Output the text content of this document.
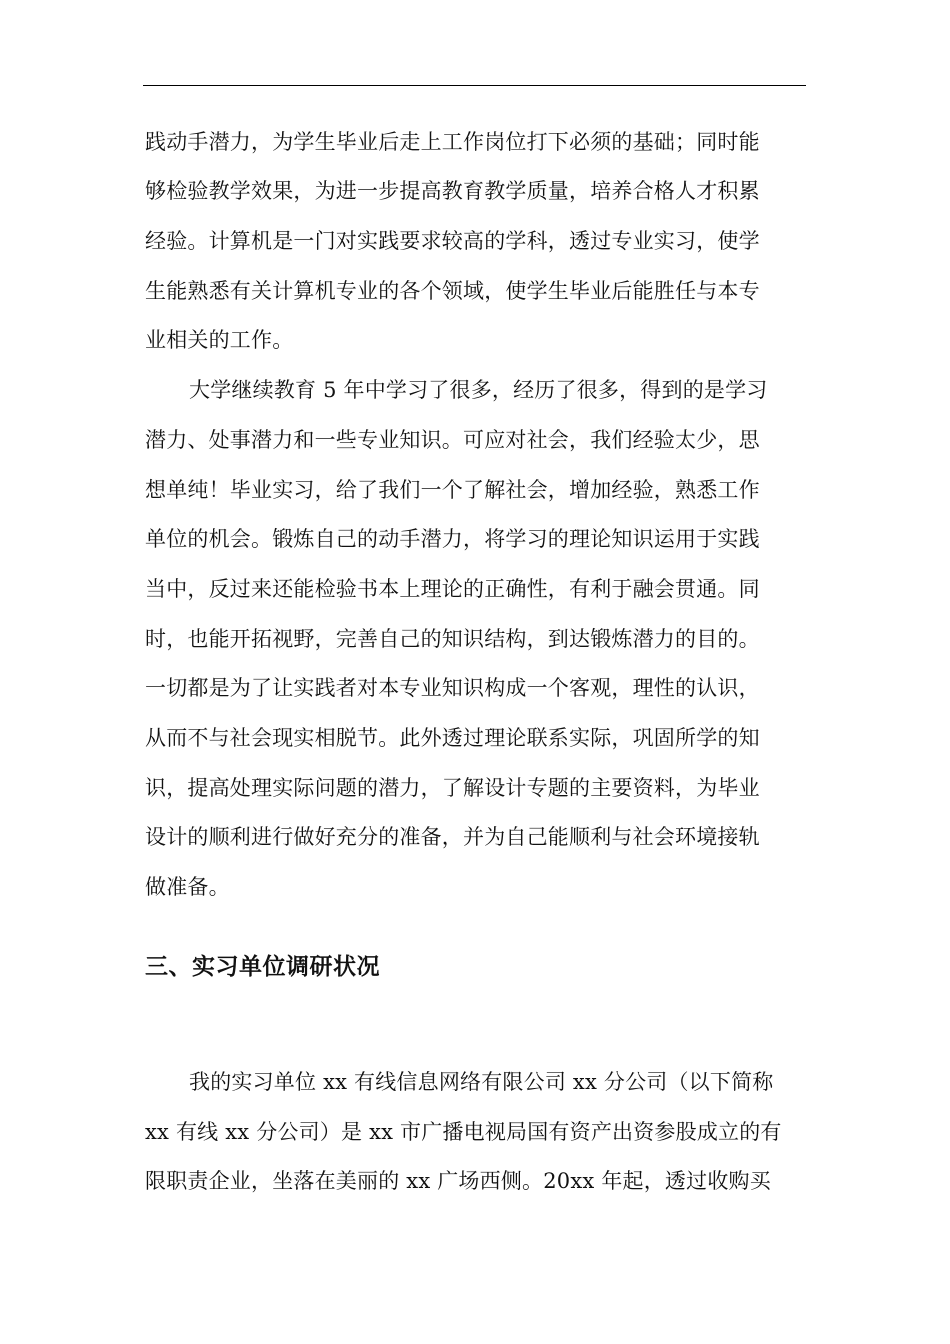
践动手潜力，为学生毕业后走上工作岗位打下必须的基础；同时能
够检验教学效果，为进一步提高教育教学质量，培养合格人才积累
经验。计算机是一门对实践要求较高的学科，透过专业实习，使学
生能熟悉有关计算机专业的各个领域，使学生毕业后能胜任与本专
业相关的工作。
大学继续教育 5 年中学习了很多，经历了很多，得到的是学习
潜力、处事潜力和一些专业知识。可应对社会，我们经验太少，思
想单纯！毕业实习，给了我们一个了解社会，增加经验，熟悉工作
单位的机会。锻炼自己的动手潜力，将学习的理论知识运用于实践
当中，反过来还能检验书本上理论的正确性，有利于融会贯通。同
时，也能开拓视野，完善自己的知识结构，到达锻炼潜力的目的。
一切都是为了让实践者对本专业知识构成一个客观，理性的认识，
从而不与社会现实相脱节。此外透过理论联系实际，巩固所学的知
识，提高处理实际问题的潜力，了解设计专题的主要资料，为毕业
设计的顺利进行做好充分的准备，并为自己能顺利与社会环境接轨
做准备。
三、实习单位调研状况
我的实习单位 xx 有线信息网络有限公司 xx 分公司（以下简称
xx 有线 xx 分公司）是 xx 市广播电视局国有资产出资参股成立的有
限职责企业，坐落在美丽的 xx 广场西侧。20xx 年起，透过收购买
